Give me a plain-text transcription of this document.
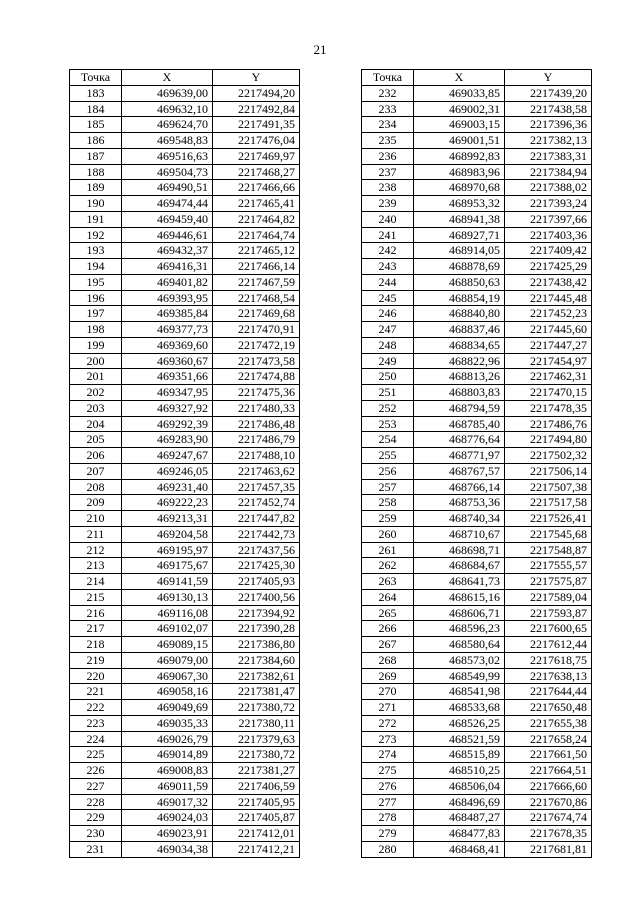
21
Точка	X	Y
183	469639,00	2217494,20
184	469632,10	2217492,84
185	469624,70	2217491,35
186	469548,83	2217476,04
187	469516,63	2217469,97
188	469504,73	2217468,27
189	469490,51	2217466,66
190	469474,44	2217465,41
191	469459,40	2217464,82
192	469446,61	2217464,74
193	469432,37	2217465,12
194	469416,31	2217466,14
195	469401,82	2217467,59
196	469393,95	2217468,54
197	469385,84	2217469,68
198	469377,73	2217470,91
199	469369,60	2217472,19
200	469360,67	2217473,58
201	469351,66	2217474,88
202	469347,95	2217475,36
203	469327,92	2217480,33
204	469292,39	2217486,48
205	469283,90	2217486,79
206	469247,67	2217488,10
207	469246,05	2217463,62
208	469231,40	2217457,35
209	469222,23	2217452,74
210	469213,31	2217447,82
211	469204,58	2217442,73
212	469195,97	2217437,56
213	469175,67	2217425,30
214	469141,59	2217405,93
215	469130,13	2217400,56
216	469116,08	2217394,92
217	469102,07	2217390,28
218	469089,15	2217386,80
219	469079,00	2217384,60
220	469067,30	2217382,61
221	469058,16	2217381,47
222	469049,69	2217380,72
223	469035,33	2217380,11
224	469026,79	2217379,63
225	469014,89	2217380,72
226	469008,83	2217381,27
227	469011,59	2217406,59
228	469017,32	2217405,95
229	469024,03	2217405,87
230	469023,91	2217412,01
231	469034,38	2217412,21
Точка	X	Y
232	469033,85	2217439,20
233	469002,31	2217438,58
234	469003,15	2217396,36
235	469001,51	2217382,13
236	468992,83	2217383,31
237	468983,96	2217384,94
238	468970,68	2217388,02
239	468953,32	2217393,24
240	468941,38	2217397,66
241	468927,71	2217403,36
242	468914,05	2217409,42
243	468878,69	2217425,29
244	468850,63	2217438,42
245	468854,19	2217445,48
246	468840,80	2217452,23
247	468837,46	2217445,60
248	468834,65	2217447,27
249	468822,96	2217454,97
250	468813,26	2217462,31
251	468803,83	2217470,15
252	468794,59	2217478,35
253	468785,40	2217486,76
254	468776,64	2217494,80
255	468771,97	2217502,32
256	468767,57	2217506,14
257	468766,14	2217507,38
258	468753,36	2217517,58
259	468740,34	2217526,41
260	468710,67	2217545,68
261	468698,71	2217548,87
262	468684,67	2217555,57
263	468641,73	2217575,87
264	468615,16	2217589,04
265	468606,71	2217593,87
266	468596,23	2217600,65
267	468580,64	2217612,44
268	468573,02	2217618,75
269	468549,99	2217638,13
270	468541,98	2217644,44
271	468533,68	2217650,48
272	468526,25	2217655,38
273	468521,59	2217658,24
274	468515,89	2217661,50
275	468510,25	2217664,51
276	468506,04	2217666,60
277	468496,69	2217670,86
278	468487,27	2217674,74
279	468477,83	2217678,35
280	468468,41	2217681,81
